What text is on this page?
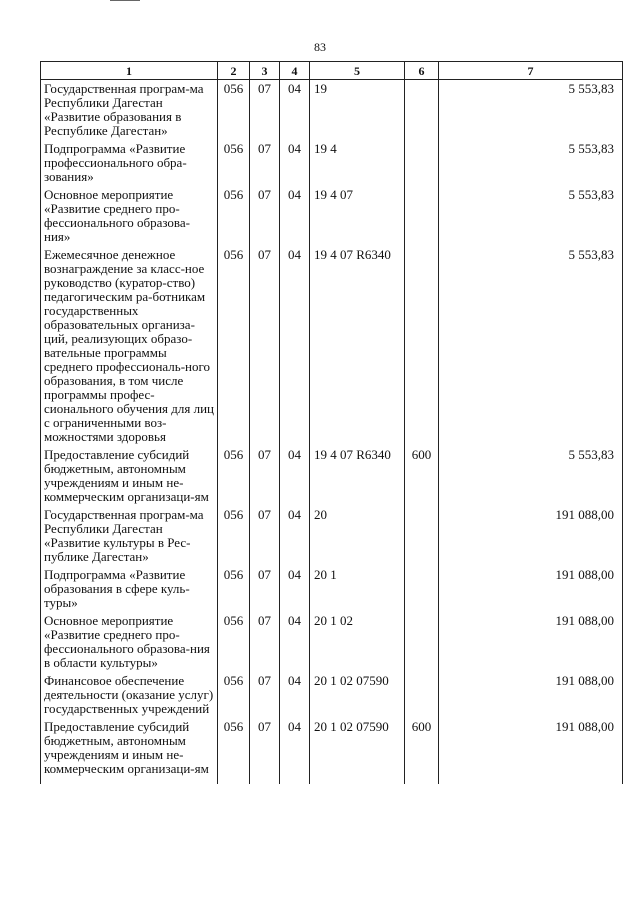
83
1	2	3	4	5	6	7
Государственная програм-ма Республики Дагестан «Развитие образования в Республике Дагестан»	056	07	04	19		5 553,83
Подпрограмма «Развитие профессионального обра-зования»	056	07	04	19 4		5 553,83
Основное мероприятие «Развитие среднего про-фессионального образова-ния»	056	07	04	19 4 07		5 553,83
Ежемесячное денежное вознаграждение за класс-ное руководство (куратор-ство) педагогическим ра-ботникам государственных образовательных организа-ций, реализующих образо-вательные программы среднего профессиональ-ного образования, в том числе программы профес-сионального обучения для лиц с ограниченными воз-можностями здоровья	056	07	04	19 4 07 R6340		5 553,83
Предоставление субсидий бюджетным, автономным учреждениям и иным не-коммерческим организаци-ям	056	07	04	19 4 07 R6340	600	5 553,83
Государственная програм-ма Республики Дагестан «Развитие культуры в Рес-публике Дагестан»	056	07	04	20		191 088,00
Подпрограмма «Развитие образования в сфере куль-туры»	056	07	04	20 1		191 088,00
Основное мероприятие «Развитие среднего про-фессионального образова-ния в области культуры»	056	07	04	20 1 02		191 088,00
Финансовое обеспечение деятельности (оказание услуг) государственных учреждений	056	07	04	20 1 02 07590		191 088,00
Предоставление субсидий бюджетным, автономным учреждениям и иным не-коммерческим организаци-ям	056	07	04	20 1 02 07590	600	191 088,00
